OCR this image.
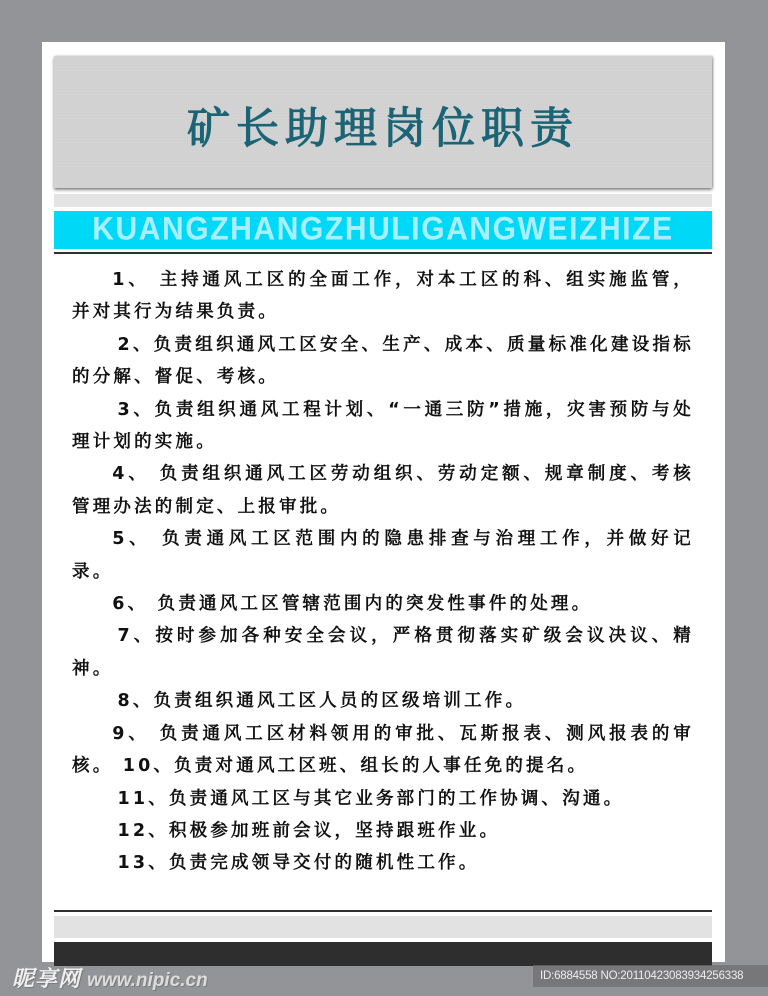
矿长助理岗位职责
KUANGZHANGZHULIGANGWEIZHIZE

1、 主持通风工区的全面工作，对本工区的科、组实施监管，并对其行为结果负责。

2、负责组织通风工区安全、生产、成本、质量标准化建设指标的分解、督促、考核。

3、负责组织通风工程计划、“一通三防”措施，灾害预防与处理计划的实施。

4、 负责组织通风工区劳动组织、劳动定额、规章制度、考核管理办法的制定、上报审批。

5、 负责通风工区范围内的隐患排查与治理工作，并做好记录。

6、 负责通风工区管辖范围内的突发性事件的处理。

7、按时参加各种安全会议，严格贯彻落实矿级会议决议、精神。

8、负责组织通风工区人员的区级培训工作。

9、 负责通风工区材料领用的审批、瓦斯报表、测风报表的审核。 10、负责对通风工区班、组长的人事任免的提名。

11、负责通风工区与其它业务部门的工作协调、沟通。

12、积极参加班前会议，坚持跟班作业。

13、负责完成领导交付的随机性工作。

昵享网 www.nipic.cn	ID:6884558 NO:20110423083934256338
